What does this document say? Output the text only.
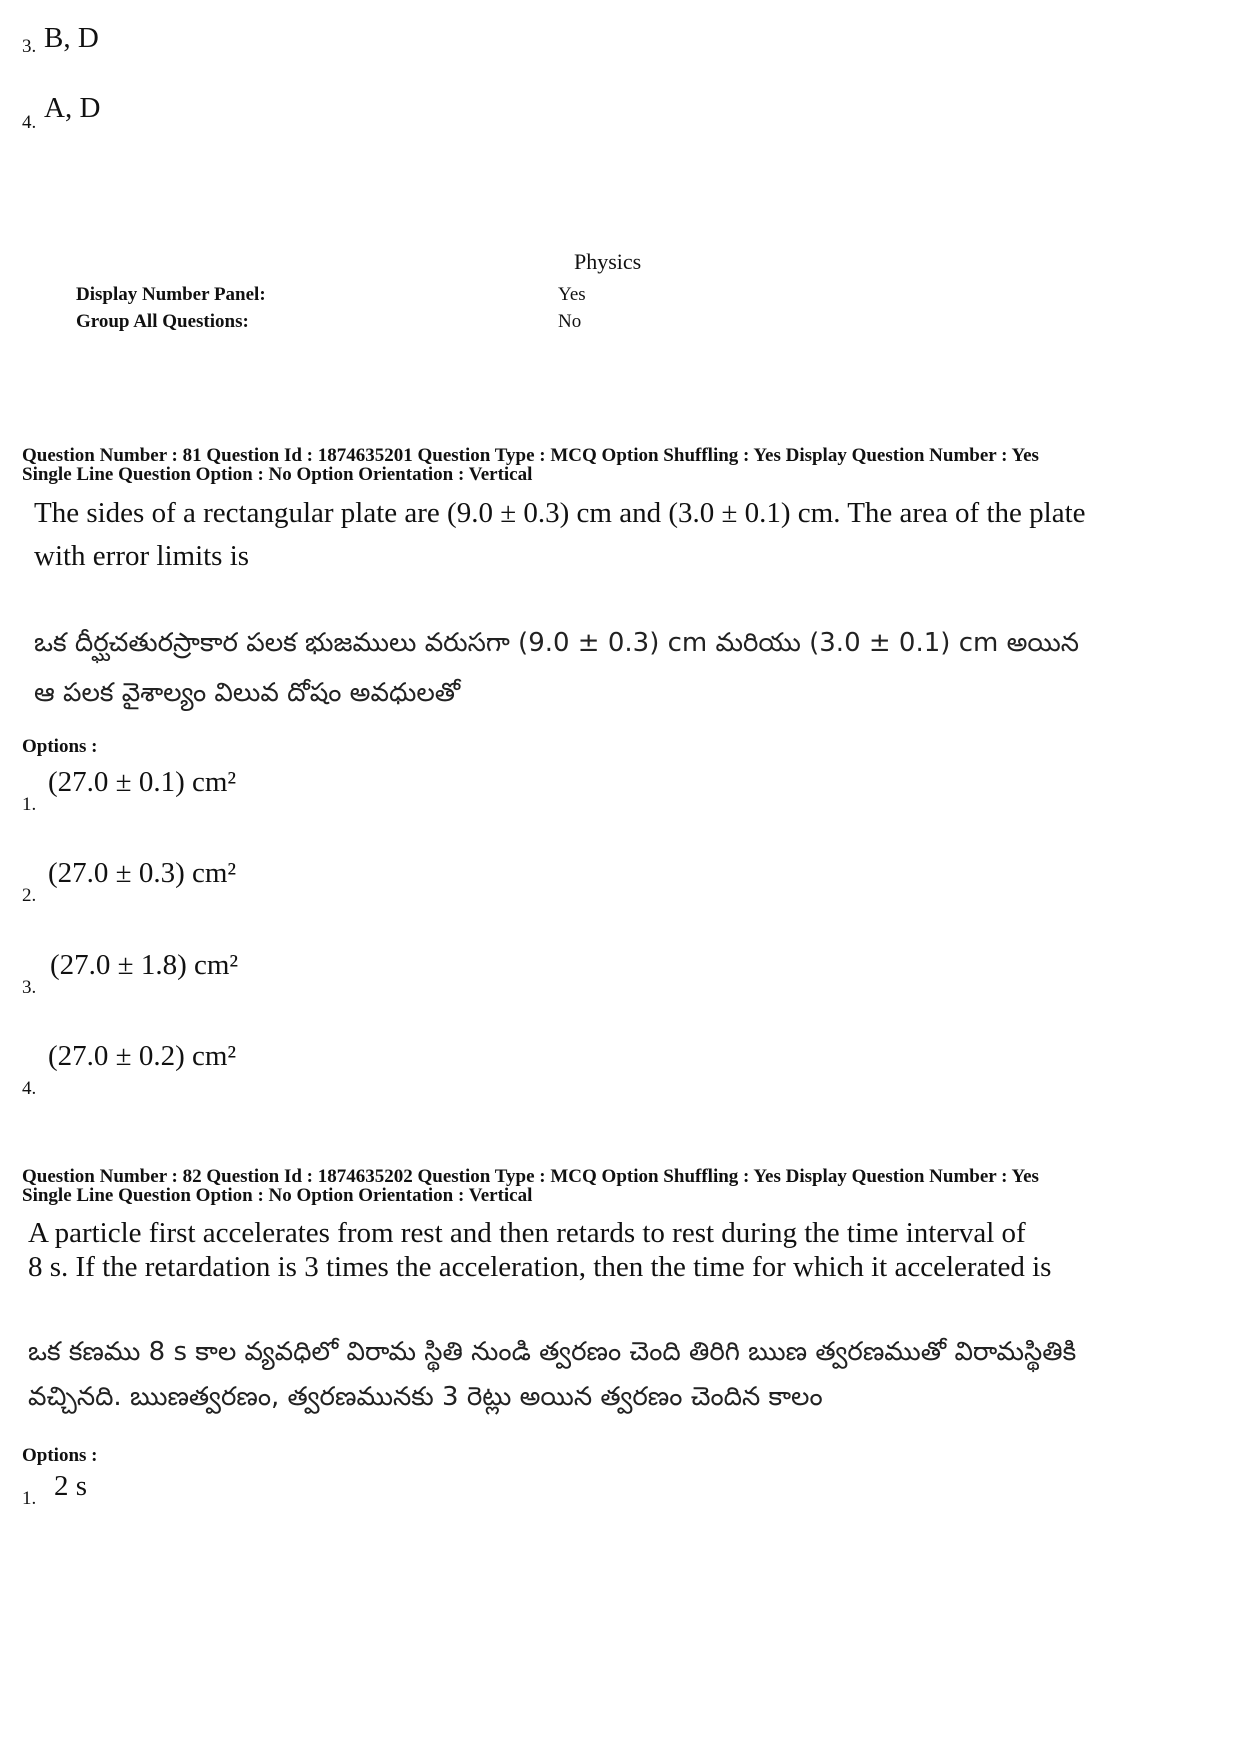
3. B, D
4. A, D
Physics
Display Number Panel:	Yes
Group All Questions:	No
Question Number : 81 Question Id : 1874635201 Question Type : MCQ Option Shuffling : Yes Display Question Number : Yes
Single Line Question Option : No Option Orientation : Vertical
The sides of a rectangular plate are (9.0 ± 0.3) cm and (3.0 ± 0.1) cm. The area of the plate
with error limits is
ఒక దీర్ఘచతురస్రాకార పలక భుజములు వరుసగా (9.0 ± 0.3) cm మరియు (3.0 ± 0.1) cm అయిన
ఆ పలక వైశాల్యం విలువ దోషం అవధులతో
Options :
1.
(27.0 ± 0.1) cm²
2.
(27.0 ± 0.3) cm²
3.
(27.0 ± 1.8) cm²
4.
(27.0 ± 0.2) cm²
Question Number : 82 Question Id : 1874635202 Question Type : MCQ Option Shuffling : Yes Display Question Number : Yes
Single Line Question Option : No Option Orientation : Vertical
A particle first accelerates from rest and then retards to rest during the time interval of
8 s. If the retardation is 3 times the acceleration, then the time for which it accelerated is
ఒక కణము 8 s కాల వ్యవధిలో విరామ స్థితి నుండి త్వరణం చెంది తిరిగి ఋణ త్వరణముతో విరామస్థితికి
వచ్చినది. ఋణత్వరణం, త్వరణమునకు 3 రెట్లు అయిన త్వరణం చెందిన కాలం
Options :
1. 2 s
